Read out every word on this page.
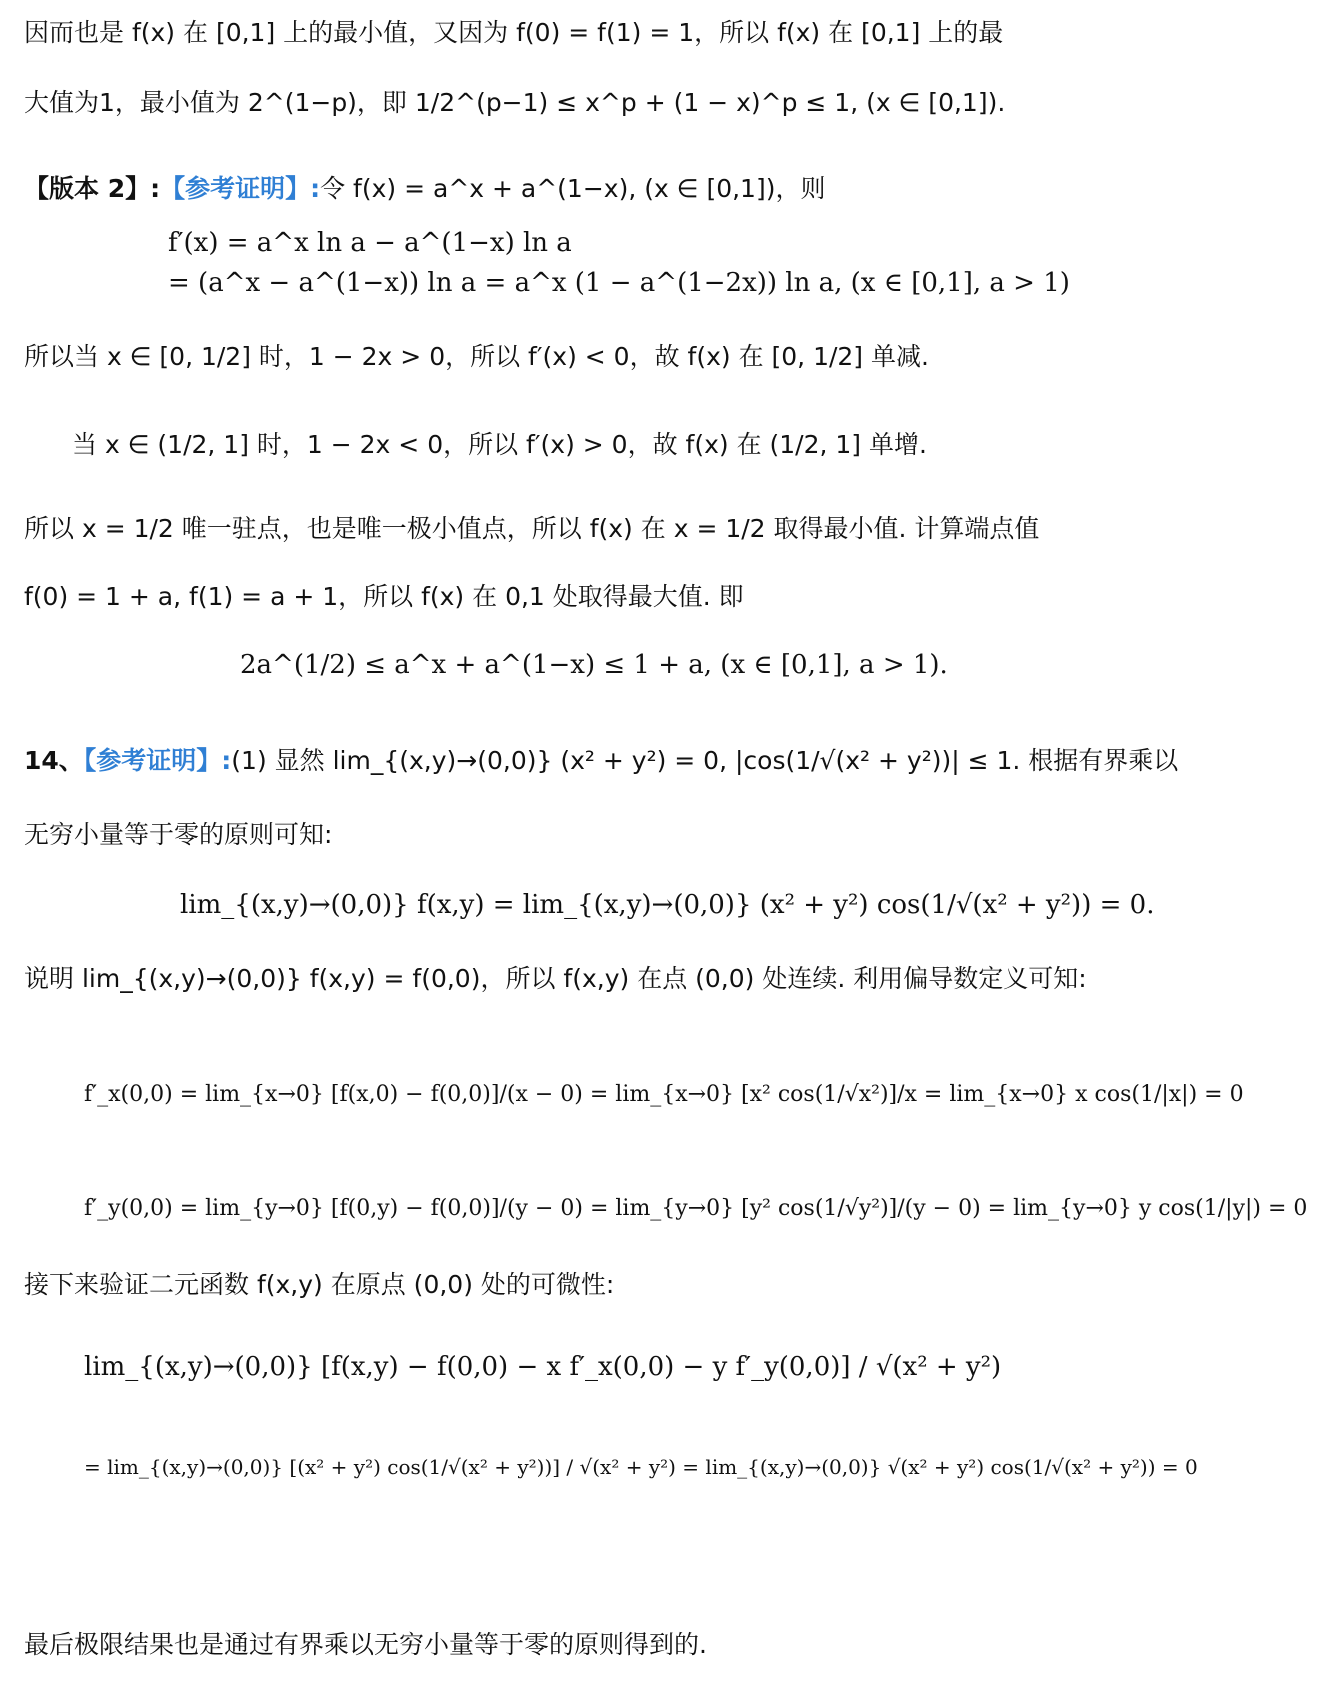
因而也是 f(x) 在 [0,1] 上的最小值，又因为 f(0) = f(1) = 1，所以 f(x) 在 [0,1] 上的最
大值为1，最小值为 2^(1−p)，即 1/2^(p−1) ≤ x^p + (1 − x)^p ≤ 1, (x ∈ [0,1]).
【版本 2】:【参考证明】:令 f(x) = a^x + a^(1−x), (x ∈ [0,1])，则
f′(x) = a^x ln a − a^(1−x) ln a
= (a^x − a^(1−x)) ln a = a^x (1 − a^(1−2x)) ln a, (x ∈ [0,1], a > 1)
所以当 x ∈ [0, 1/2] 时，1 − 2x > 0，所以 f′(x) < 0，故 f(x) 在 [0, 1/2] 单减.
当 x ∈ (1/2, 1] 时，1 − 2x < 0，所以 f′(x) > 0，故 f(x) 在 (1/2, 1] 单增.
所以 x = 1/2 唯一驻点，也是唯一极小值点，所以 f(x) 在 x = 1/2 取得最小值. 计算端点值
f(0) = 1 + a, f(1) = a + 1，所以 f(x) 在 0,1 处取得最大值. 即
2a^(1/2) ≤ a^x + a^(1−x) ≤ 1 + a, (x ∈ [0,1], a > 1).
14、【参考证明】:(1) 显然 lim_{(x,y)→(0,0)} (x² + y²) = 0, |cos(1/√(x² + y²))| ≤ 1. 根据有界乘以
无穷小量等于零的原则可知:
lim_{(x,y)→(0,0)} f(x,y) = lim_{(x,y)→(0,0)} (x² + y²) cos(1/√(x² + y²)) = 0.
说明 lim_{(x,y)→(0,0)} f(x,y) = f(0,0)，所以 f(x,y) 在点 (0,0) 处连续. 利用偏导数定义可知:
f′_x(0,0) = lim_{x→0} [f(x,0) − f(0,0)]/(x − 0) = lim_{x→0} [x² cos(1/√x²)]/x = lim_{x→0} x cos(1/|x|) = 0
f′_y(0,0) = lim_{y→0} [f(0,y) − f(0,0)]/(y − 0) = lim_{y→0} [y² cos(1/√y²)]/(y − 0) = lim_{y→0} y cos(1/|y|) = 0
接下来验证二元函数 f(x,y) 在原点 (0,0) 处的可微性:
lim_{(x,y)→(0,0)} [f(x,y) − f(0,0) − x f′_x(0,0) − y f′_y(0,0)] / √(x² + y²)
= lim_{(x,y)→(0,0)} [(x² + y²) cos(1/√(x² + y²))] / √(x² + y²) = lim_{(x,y)→(0,0)} √(x² + y²) cos(1/√(x² + y²)) = 0
最后极限结果也是通过有界乘以无穷小量等于零的原则得到的.
